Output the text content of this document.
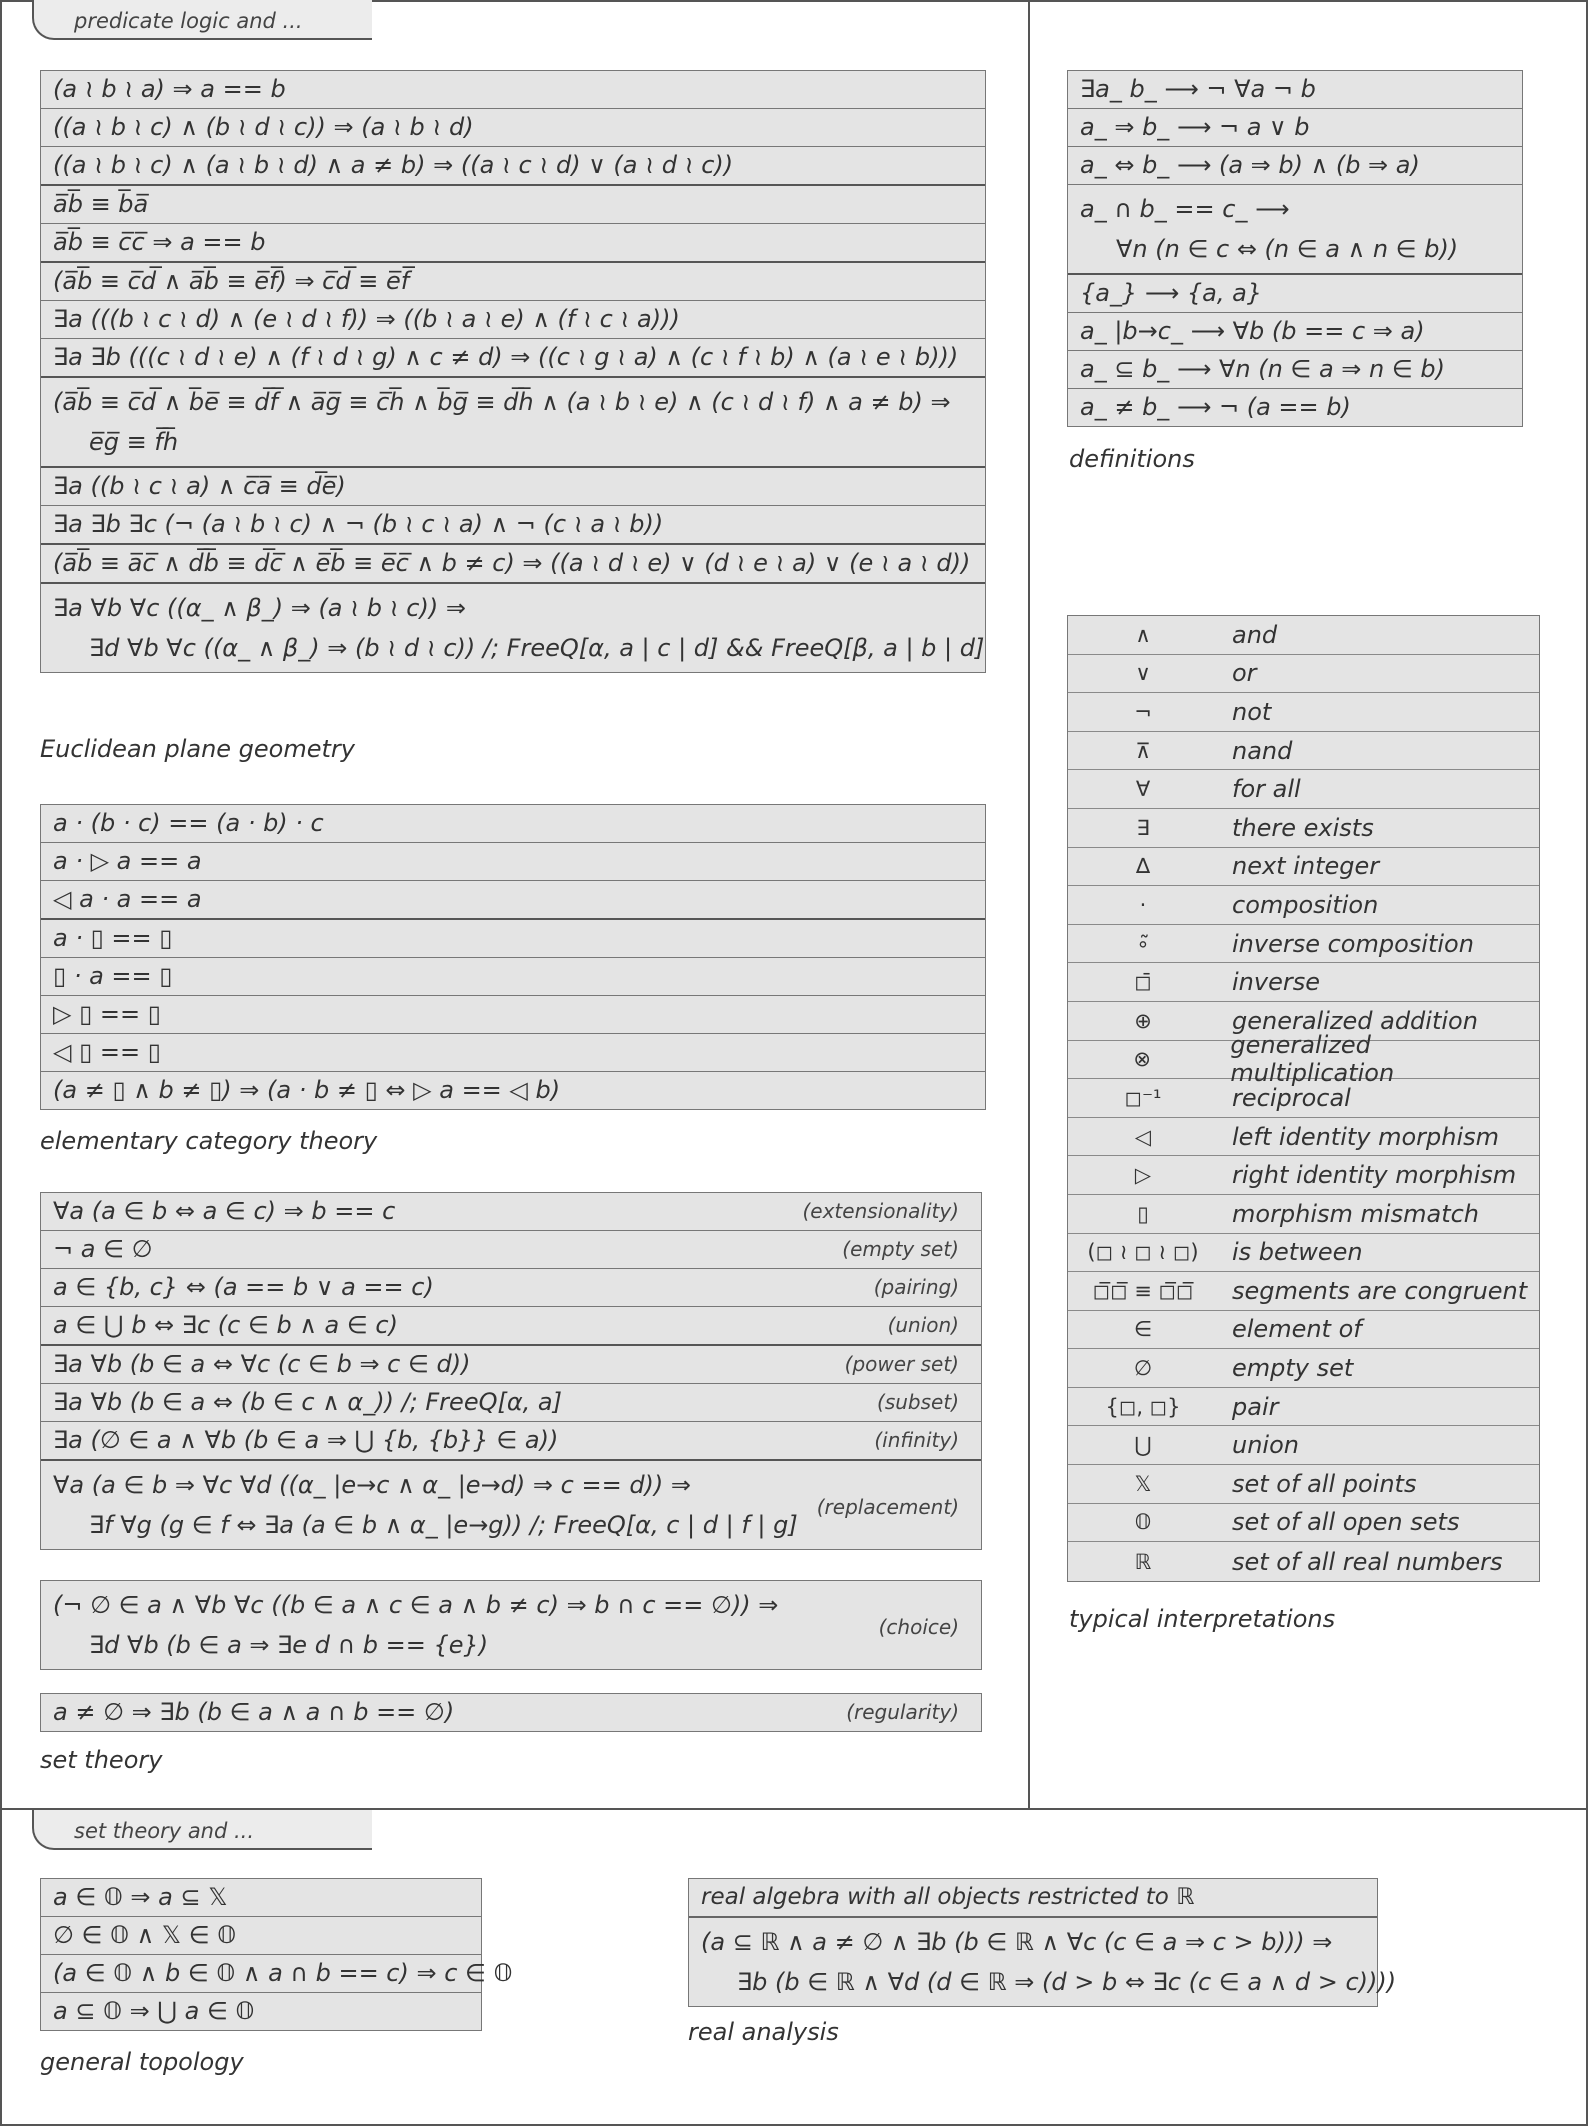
predicate logic and ...
set theory and ...
(a ≀ b ≀ a) ⇒ a == b
((a ≀ b ≀ c) ∧ (b ≀ d ≀ c)) ⇒ (a ≀ b ≀ d)
((a ≀ b ≀ c) ∧ (a ≀ b ≀ d) ∧ a ≠ b) ⇒ ((a ≀ c ≀ d) ∨ (a ≀ d ≀ c))
a̅b̅ ≡ b̅a̅
a̅b̅ ≡ c̅c̅ ⇒ a == b
(a̅b̅ ≡ c̅d̅ ∧ a̅b̅ ≡ e̅f̅) ⇒ c̅d̅ ≡ e̅f̅
∃a (((b ≀ c ≀ d) ∧ (e ≀ d ≀ f)) ⇒ ((b ≀ a ≀ e) ∧ (f ≀ c ≀ a)))
∃a ∃b (((c ≀ d ≀ e) ∧ (f ≀ d ≀ g) ∧ c ≠ d) ⇒ ((c ≀ g ≀ a) ∧ (c ≀ f ≀ b) ∧ (a ≀ e ≀ b)))
(a̅b̅ ≡ c̅d̅ ∧ b̅e̅ ≡ d̅f̅ ∧ a̅g̅ ≡ c̅h̅ ∧ b̅g̅ ≡ d̅h̅ ∧ (a ≀ b ≀ e) ∧ (c ≀ d ≀ f) ∧ a ≠ b) ⇒
e̅g̅ ≡ f̅h̅
∃a ((b ≀ c ≀ a) ∧ c̅a̅ ≡ d̅e̅)
∃a ∃b ∃c (¬ (a ≀ b ≀ c) ∧ ¬ (b ≀ c ≀ a) ∧ ¬ (c ≀ a ≀ b))
(a̅b̅ ≡ a̅c̅ ∧ d̅b̅ ≡ d̅c̅ ∧ e̅b̅ ≡ e̅c̅ ∧ b ≠ c) ⇒ ((a ≀ d ≀ e) ∨ (d ≀ e ≀ a) ∨ (e ≀ a ≀ d))
∃a ∀b ∀c ((α_ ∧ β_) ⇒ (a ≀ b ≀ c)) ⇒
∃d ∀b ∀c ((α_ ∧ β_) ⇒ (b ≀ d ≀ c)) /; FreeQ[α, a | c | d] && FreeQ[β, a | b | d]
Euclidean plane geometry
a · (b · c) == (a · b) · c
a · ▷ a == a
◁ a · a == a
a · ▯ == ▯
▯ · a == ▯
▷ ▯ == ▯
◁ ▯ == ▯
(a ≠ ▯ ∧ b ≠ ▯) ⇒ (a · b ≠ ▯ ⇔ ▷ a == ◁ b)
elementary category theory
∀a (a ∈ b ⇔ a ∈ c) ⇒ b == c	(extensionality)
¬ a ∈ ∅	(empty set)
a ∈ {b, c} ⇔ (a == b ∨ a == c)	(pairing)
a ∈ ⋃ b ⇔ ∃c (c ∈ b ∧ a ∈ c)	(union)
∃a ∀b (b ∈ a ⇔ ∀c (c ∈ b ⇒ c ∈ d))	(power set)
∃a ∀b (b ∈ a ⇔ (b ∈ c ∧ α_)) /; FreeQ[α, a]	(subset)
∃a (∅ ∈ a ∧ ∀b (b ∈ a ⇒ ⋃ {b, {b}} ∈ a))	(infinity)
∀a (a ∈ b ⇒ ∀c ∀d ((α_ |e→c ∧ α_ |e→d) ⇒ c == d)) ⇒
∃f ∀g (g ∈ f ⇔ ∃a (a ∈ b ∧ α_ |e→g)) /; FreeQ[α, c | d | f | g]
(replacement)
(¬ ∅ ∈ a ∧ ∀b ∀c ((b ∈ a ∧ c ∈ a ∧ b ≠ c) ⇒ b ∩ c == ∅)) ⇒
∃d ∀b (b ∈ a ⇒ ∃e d ∩ b == {e})
(choice)
a ≠ ∅ ⇒ ∃b (b ∈ a ∧ a ∩ b == ∅)	(regularity)
set theory
∃a_ b_ ⟶ ¬ ∀a ¬ b
a_ ⇒ b_ ⟶ ¬ a ∨ b
a_ ⇔ b_ ⟶ (a ⇒ b) ∧ (b ⇒ a)
a_ ∩ b_ == c_ ⟶
∀n (n ∈ c ⇔ (n ∈ a ∧ n ∈ b))
{a_} ⟶ {a, a}
a_ |b→c_ ⟶ ∀b (b == c ⇒ a)
a_ ⊆ b_ ⟶ ∀n (n ∈ a ⇒ n ∈ b)
a_ ≠ b_ ⟶ ¬ (a == b)
definitions
∧	and
∨	or
¬	not
⊼	nand
∀	for all
∃	there exists
∆	next integer
·	composition
∘̃	inverse composition
◻̄	inverse
⊕	generalized addition
⊗	generalized multiplication
◻⁻¹	reciprocal
◁	left identity morphism
▷	right identity morphism
▯	morphism mismatch
(◻ ≀ ◻ ≀ ◻)	is between
◻̅◻̅ ≡ ◻̅◻̅	segments are congruent
∈	element of
∅	empty set
{◻, ◻}	pair
⋃	union
𝕏	set of all points
𝕆	set of all open sets
ℝ	set of all real numbers
typical interpretations
a ∈ 𝕆 ⇒ a ⊆ 𝕏
∅ ∈ 𝕆 ∧ 𝕏 ∈ 𝕆
(a ∈ 𝕆 ∧ b ∈ 𝕆 ∧ a ∩ b == c) ⇒ c ∈ 𝕆
a ⊆ 𝕆 ⇒ ⋃ a ∈ 𝕆
general topology
real algebra with all objects restricted to ℝ
(a ⊆ ℝ ∧ a ≠ ∅ ∧ ∃b (b ∈ ℝ ∧ ∀c (c ∈ a ⇒ c > b))) ⇒
∃b (b ∈ ℝ ∧ ∀d (d ∈ ℝ ⇒ (d > b ⇔ ∃c (c ∈ a ∧ d > c))))
real analysis
